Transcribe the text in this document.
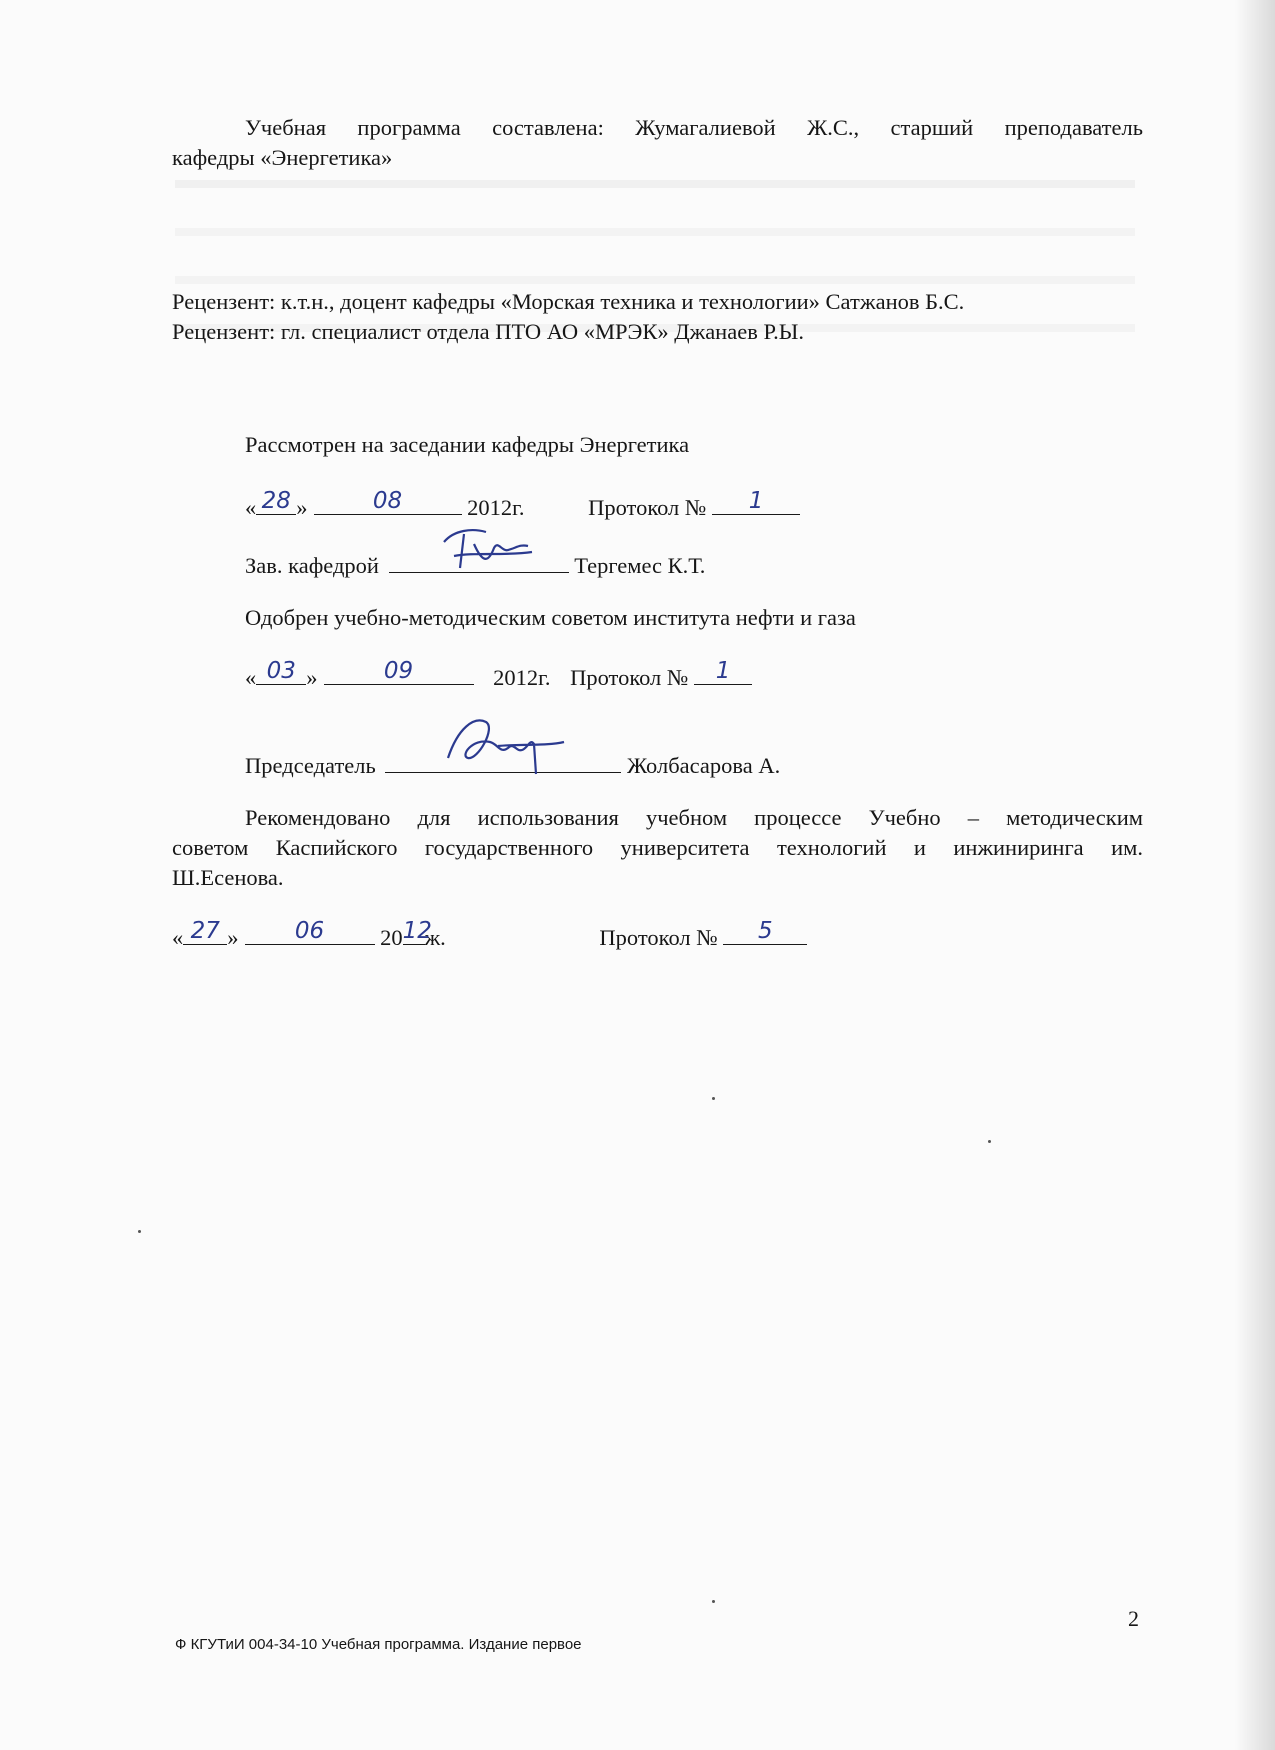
Учебная программа составлена: Жумагалиевой Ж.С., старший преподаватель
кафедры «Энергетика»
Рецензент: к.т.н., доцент кафедры «Морская техника и технологии» Сатжанов Б.С.
Рецензент: гл. специалист отдела ПТО АО «МРЭК» Джанаев Р.Ы.
Рассмотрен на заседании кафедры Энергетика
« 28 »	08	2012г.	Протокол №	1
Зав. кафедрой	Тергемес К.Т.
Одобрен учебно-методическим советом института нефти и газа
« 03 »	09	2012г. Протокол №	1
Председатель	Жолбасарова А.
Рекомендовано для использования учебном процессе Учебно – методическим
советом Каспийского государственного университета технологий и инжиниринга им.
Ш.Есенова.
« 27 »	06	20 12
ж.	Протокол №	5
2
Ф КГУТиИ 004-34-10 Учебная программа. Издание первое
